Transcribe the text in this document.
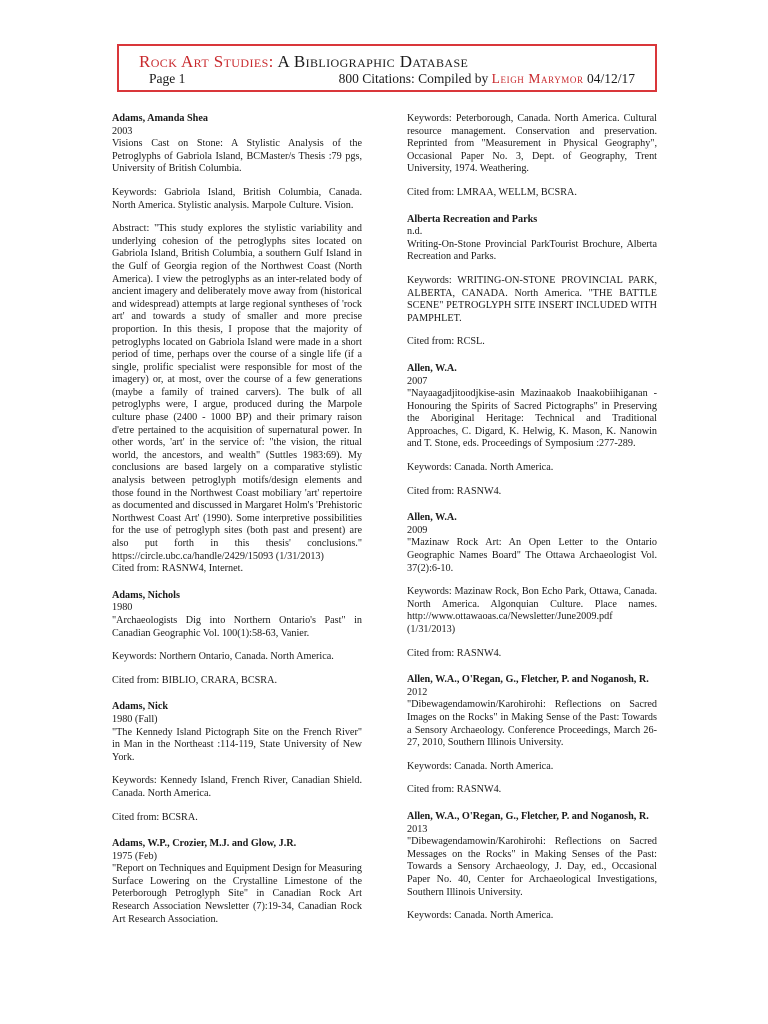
Rock Art Studies: A Bibliographic Database
Page 1	800 Citations: Compiled by Leigh Marymor 04/12/17
Adams, Amanda Shea
2003
Visions Cast on Stone: A Stylistic Analysis of the Petroglyphs of Gabriola Island, BCMaster/s Thesis :79 pgs, University of British Columbia.
Keywords: Gabriola Island, British Columbia, Canada. North America. Stylistic analysis. Marpole Culture. Vision.
Abstract: "This study explores the stylistic variability and underlying cohesion of the petroglyphs sites located on Gabriola Island, British Columbia, a southern Gulf Island in the Gulf of Georgia region of the Northwest Coast (North America). I view the petroglyphs as an inter-related body of ancient imagery and deliberately move away from (historical and widespread) attempts at large regional syntheses of 'rock art' and towards a study of smaller and more precise proportion. In this thesis, I propose that the majority of petroglyphs located on Gabriola Island were made in a short period of time, perhaps over the course of a single life (if a single, prolific specialist were responsible for most of the imagery) or, at most, over the course of a few generations (maybe a family of trained carvers). The bulk of all petroglyphs were, I argue, produced during the Marpole culture phase (2400 - 1000 BP) and their primary raison d'etre pertained to the acquisition of supernatural power. In other words, 'art' in the service of: "the vision, the ritual world, the ancestors, and wealth" (Suttles 1983:69). My conclusions are based largely on a comparative stylistic analysis between petroglyph motifs/design elements and those found in the Northwest Coast mobiliary 'art' repertoire as documented and discussed in Margaret Holm's 'Prehistoric Northwest Coast Art' (1990). Some interpretive possibilities for the use of petroglyph sites (both past and present) are also put forth in this thesis' conclusions." https://circle.ubc.ca/handle/2429/15093 (1/31/2013)
Cited from: RASNW4, Internet.
Adams, Nichols
1980
"Archaeologists Dig into Northern Ontario's Past" in Canadian Geographic Vol. 100(1):58-63, Vanier.
Keywords: Northern Ontario, Canada. North America.
Cited from: BIBLIO, CRARA, BCSRA.
Adams, Nick
1980 (Fall)
"The Kennedy Island Pictograph Site on the French River" in Man in the Northeast :114-119, State University of New York.
Keywords: Kennedy Island, French River, Canadian Shield. Canada. North America.
Cited from: BCSRA.
Adams, W.P., Crozier, M.J. and Glow, J.R.
1975 (Feb)
"Report on Techniques and Equipment Design for Measuring Surface Lowering on the Crystalline Limestone of the Peterborough Petroglyph Site" in Canadian Rock Art Research Association Newsletter (7):19-34, Canadian Rock Art Research Association.
Keywords: Peterborough, Canada. North America. Cultural resource management. Conservation and preservation. Reprinted from "Measurement in Physical Geography", Occasional Paper No. 3, Dept. of Geography, Trent University, 1974. Weathering.
Cited from: LMRAA, WELLM, BCSRA.
Alberta Recreation and Parks
n.d.
Writing-On-Stone Provincial ParkTourist Brochure, Alberta Recreation and Parks.
Keywords: WRITING-ON-STONE PROVINCIAL PARK, ALBERTA, CANADA. North America. "THE BATTLE SCENE" PETROGLYPH SITE INSERT INCLUDED WITH PAMPHLET.
Cited from: RCSL.
Allen, W.A.
2007
"Nayaagadjitoodjkise-asin Mazinaakob Inaakobiihiganan - Honouring the Spirits of Sacred Pictographs" in Preserving the Aboriginal Heritage: Technical and Traditional Approaches, C. Digard, K. Helwig, K. Mason, K. Nanowin and T. Stone, eds. Proceedings of Symposium :277-289.
Keywords: Canada. North America.
Cited from: RASNW4.
Allen, W.A.
2009
"Mazinaw Rock Art: An Open Letter to the Ontario Geographic Names Board" The Ottawa Archaeologist Vol. 37(2):6-10.
Keywords: Mazinaw Rock, Bon Echo Park, Ottawa, Canada. North America. Algonquian Culture. Place names. http://www.ottawaoas.ca/Newsletter/June2009.pdf (1/31/2013)
Cited from: RASNW4.
Allen, W.A., O'Regan, G., Fletcher, P. and Noganosh, R.
2012
"Dibewagendamowin/Karohirohi: Reflections on Sacred Images on the Rocks" in Making Sense of the Past: Towards a Sensory Archaeology. Conference Proceedings, March 26-27, 2010, Southern Illinois University.
Keywords: Canada. North America.
Cited from: RASNW4.
Allen, W.A., O'Regan, G., Fletcher, P. and Noganosh, R.
2013
"Dibewagendamowin/Karohirohi: Reflections on Sacred Messages on the Rocks" in Making Senses of the Past: Towards a Sensory Archaeology, J. Day, ed., Occasional Paper No. 40, Center for Archaeological Investigations, Southern Illinois University.
Keywords: Canada. North America.
